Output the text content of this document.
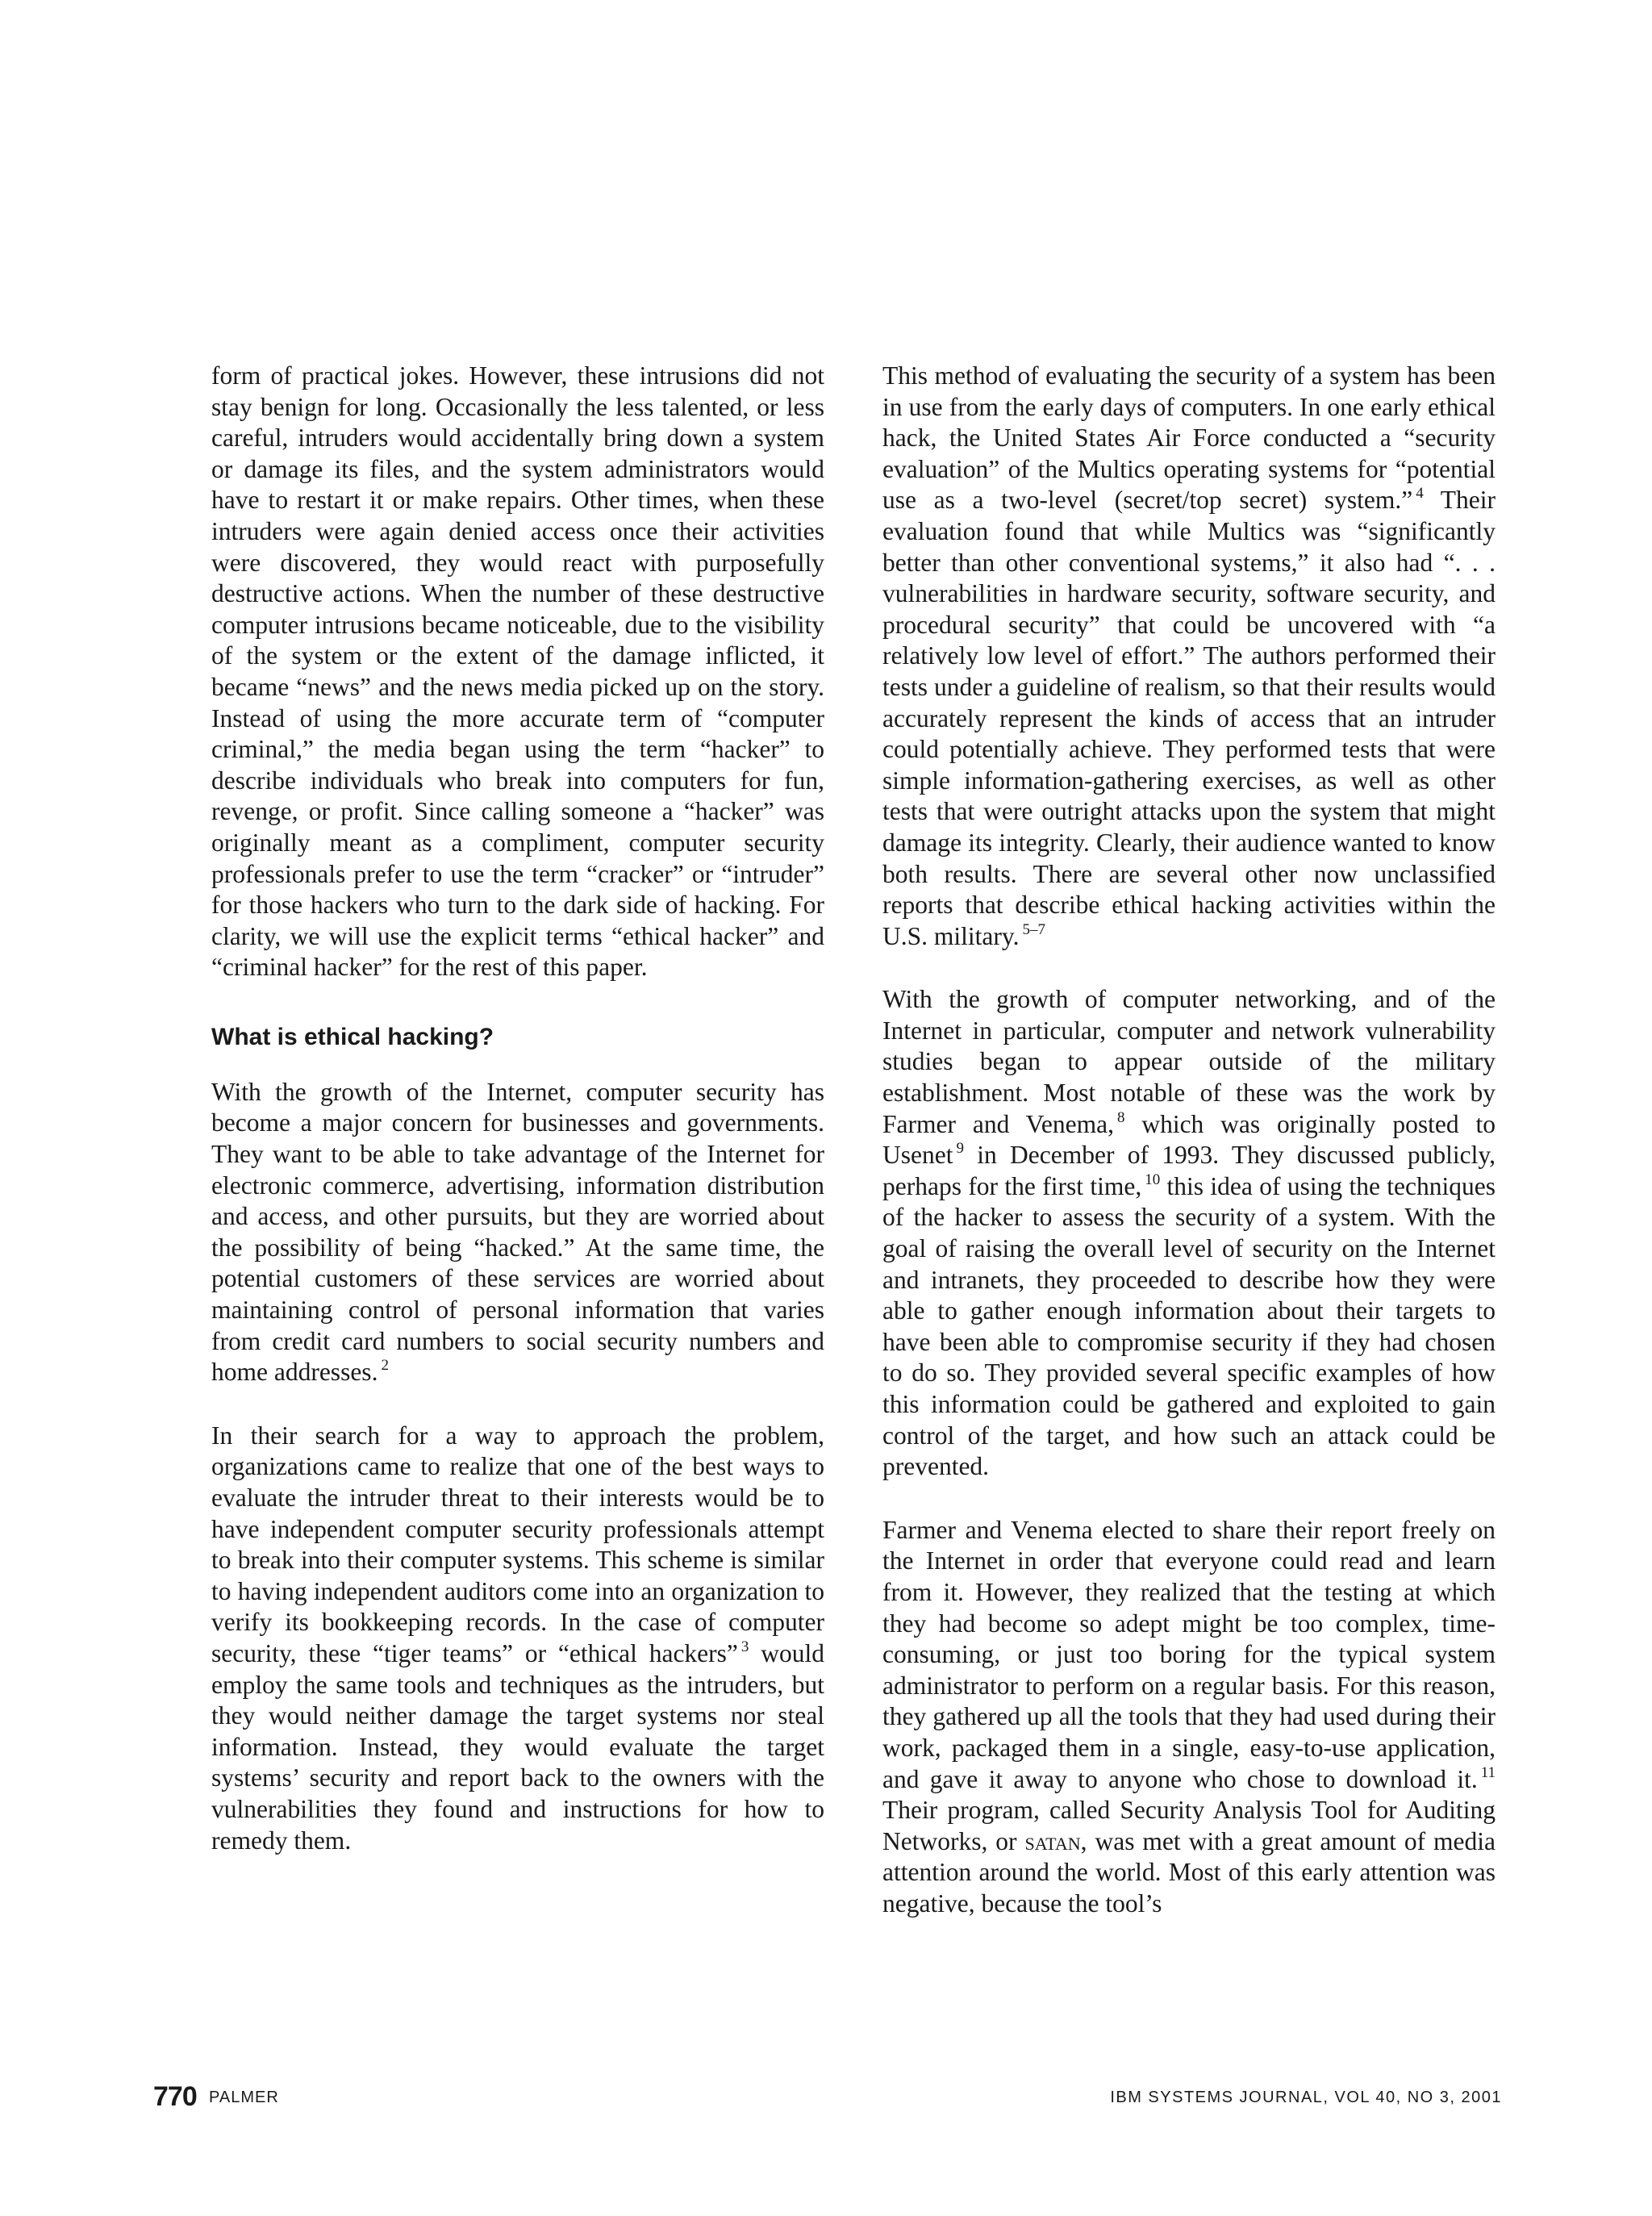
form of practical jokes. However, these intrusions did not stay benign for long. Occasionally the less talented, or less careful, intruders would accidentally bring down a system or damage its files, and the system administrators would have to restart it or make repairs. Other times, when these intruders were again denied access once their activities were discovered, they would react with purposefully destructive actions. When the number of these destructive computer intrusions became noticeable, due to the visibility of the system or the extent of the damage inflicted, it became “news” and the news media picked up on the story. Instead of using the more accurate term of “computer criminal,” the media began using the term “hacker” to describe individuals who break into computers for fun, revenge, or profit. Since calling someone a “hacker” was originally meant as a compliment, computer security professionals prefer to use the term “cracker” or “intruder” for those hackers who turn to the dark side of hacking. For clarity, we will use the explicit terms “ethical hacker” and “criminal hacker” for the rest of this paper.

What is ethical hacking?

With the growth of the Internet, computer security has become a major concern for businesses and governments. They want to be able to take advantage of the Internet for electronic commerce, advertising, information distribution and access, and other pursuits, but they are worried about the possibility of being “hacked.” At the same time, the potential customers of these services are worried about maintaining control of personal information that varies from credit card numbers to social security numbers and home addresses. $^2$

In their search for a way to approach the problem, organizations came to realize that one of the best ways to evaluate the intruder threat to their interests would be to have independent computer security professionals attempt to break into their computer systems. This scheme is similar to having independent auditors come into an organization to verify its bookkeeping records. In the case of computer security, these “tiger teams” or “ethical hackers” $^3$ would employ the same tools and techniques as the intruders, but they would neither damage the target systems nor steal information. Instead, they would evaluate the target systems’ security and report back to the owners with the vulnerabilities they found and instructions for how to remedy them.

This method of evaluating the security of a system has been in use from the early days of computers. In one early ethical hack, the United States Air Force conducted a “security evaluation” of the Multics operating systems for “potential use as a two-level (secret/top secret) system.” $^4$ Their evaluation found that while Multics was “significantly better than other conventional systems,” it also had “. . . vulnerabilities in hardware security, software security, and procedural security” that could be uncovered with “a relatively low level of effort.” The authors performed their tests under a guideline of realism, so that their results would accurately represent the kinds of access that an intruder could potentially achieve. They performed tests that were simple information-gathering exercises, as well as other tests that were outright attacks upon the system that might damage its integrity. Clearly, their audience wanted to know both results. There are several other now unclassified reports that describe ethical hacking activities within the U.S. military. $^{5-7}$

With the growth of computer networking, and of the Internet in particular, computer and network vulnerability studies began to appear outside of the military establishment. Most notable of these was the work by Farmer and Venema, $^8$ which was originally posted to Usenet $^9$ in December of 1993. They discussed publicly, perhaps for the first time, $^{10}$ this idea of using the techniques of the hacker to assess the security of a system. With the goal of raising the overall level of security on the Internet and intranets, they proceeded to describe how they were able to gather enough information about their targets to have been able to compromise security if they had chosen to do so. They provided several specific examples of how this information could be gathered and exploited to gain control of the target, and how such an attack could be prevented.

Farmer and Venema elected to share their report freely on the Internet in order that everyone could read and learn from it. However, they realized that the testing at which they had become so adept might be too complex, time-consuming, or just too boring for the typical system administrator to perform on a regular basis. For this reason, they gathered up all the tools that they had used during their work, packaged them in a single, easy-to-use application, and gave it away to anyone who chose to download it. $^{11}$ Their program, called Security Analysis Tool for Auditing Networks, or satan, was met with a great amount of media attention around the world. Most of this early attention was negative, because the tool’s

770 PALMER	IBM SYSTEMS JOURNAL, VOL 40, NO 3, 2001
